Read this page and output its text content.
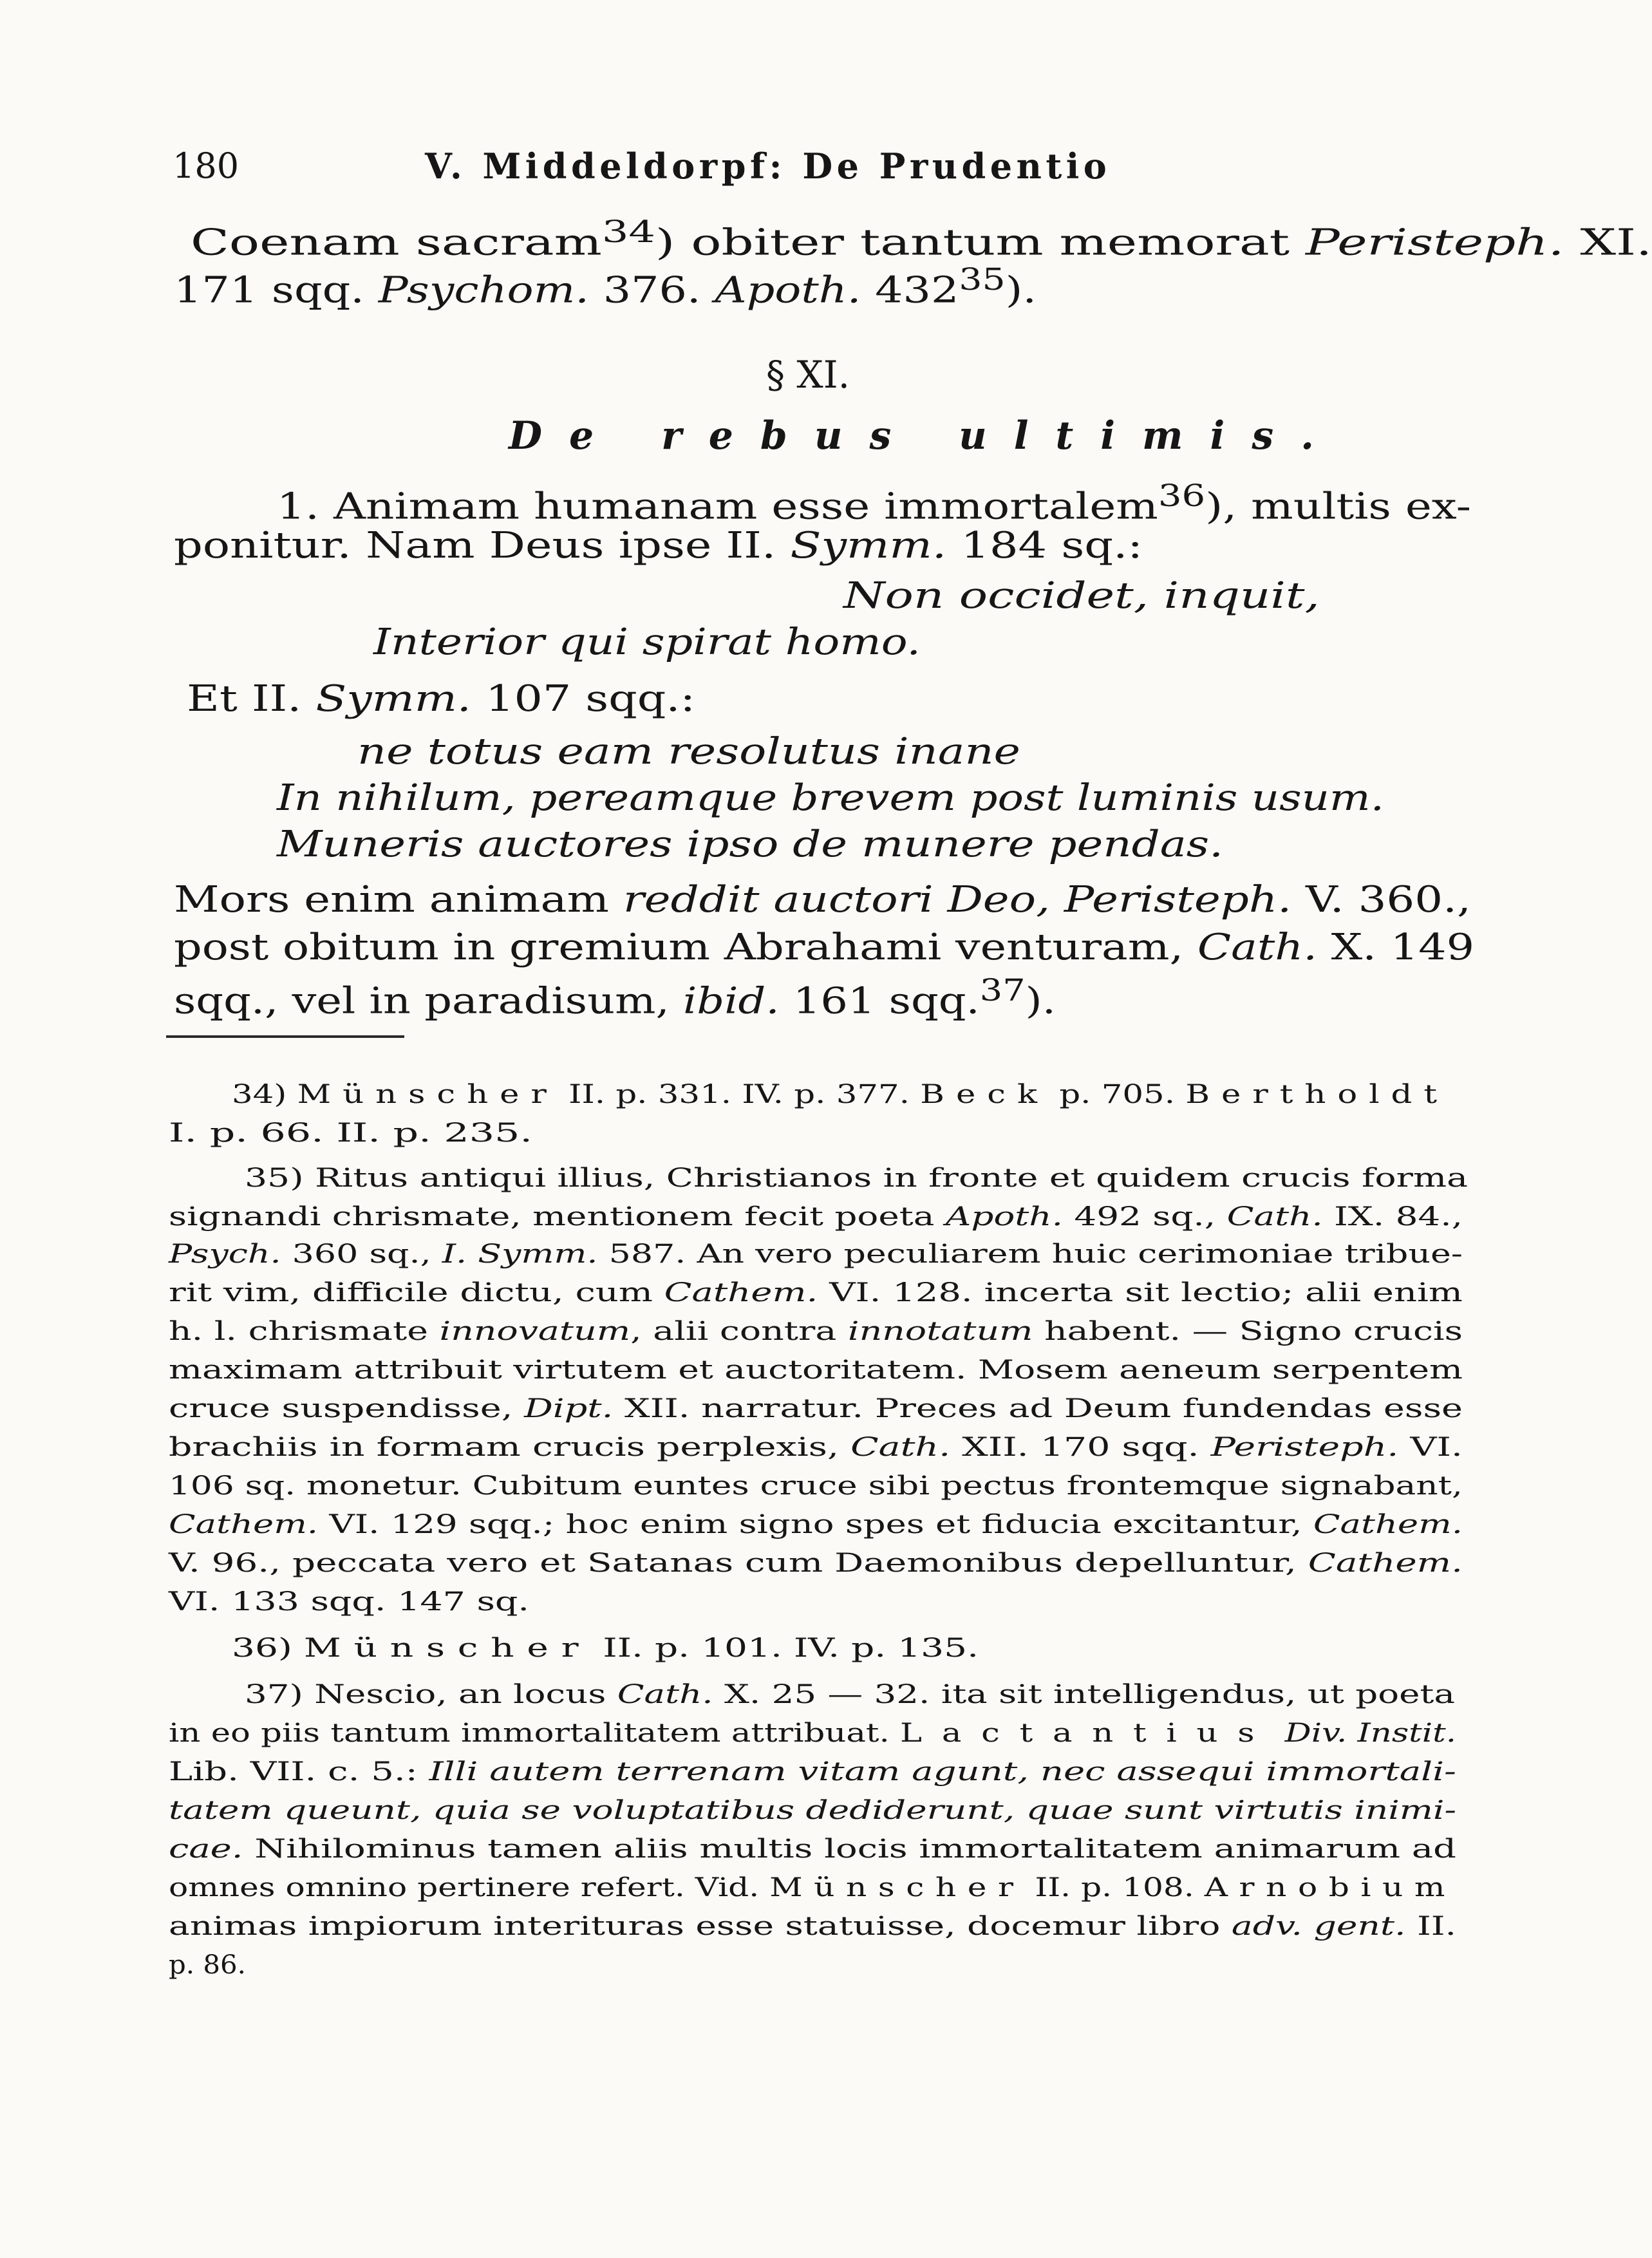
180	V. Middeldorpf: De Prudentio
Coenam sacram$^{34}$) obiter tantum memorat Peristeph. XI.
171 sqq. Psychom. 376. Apoth. $432^{35}$).
§ XI.
De rebus ultimis.
1. Animam humanam esse immortalem$^{36}$), multis ex-
ponitur. Nam Deus ipse II. Symm. 184 sq.:
Non occidet, inquit,
Interior qui spirat homo.
Et II. Symm. 107 sqq.:
ne totus eam resolutus inane
In nihilum, pereamque brevem post luminis usum.
Muneris auctores ipso de munere pendas.
Mors enim animam reddit auctori Deo, Peristeph. V. 360.,
post obitum in gremium Abrahami venturam, Cath. X. 149
sqq., vel in paradisum, ibid. 161 sqq.$^{37}$).
34) Münscher II. p. 331. IV. p. 377. Beck p. 705. Bertholdt
I. p. 66. II. p. 235.
35) Ritus antiqui illius, Christianos in fronte et quidem crucis forma
signandi chrismate, mentionem fecit poeta Apoth. 492 sq., Cath. IX. 84.,
Psych. 360 sq., I. Symm. 587. An vero peculiarem huic cerimoniae tribue-
rit vim, difficile dictu, cum Cathem. VI. 128. incerta sit lectio; alii enim
h. l. chrismate innovatum, alii contra innotatum habent. — Signo crucis
maximam attribuit virtutem et auctoritatem. Mosem aeneum serpentem
cruce suspendisse, Dipt. XII. narratur. Preces ad Deum fundendas esse
brachiis in formam crucis perplexis, Cath. XII. 170 sqq. Peristeph. VI.
106 sq. monetur. Cubitum euntes cruce sibi pectus frontemque signabant,
Cathem. VI. 129 sqq.; hoc enim signo spes et fiducia excitantur, Cathem.
V. 96., peccata vero et Satanas cum Daemonibus depelluntur, Cathem.
VI. 133 sqq. 147 sq.
36) Münscher II. p. 101. IV. p. 135.
37) Nescio, an locus Cath. X. 25 — 32. ita sit intelligendus, ut poeta
in eo piis tantum immortalitatem attribuat. Lactantius Div. Instit.
Lib. VII. c. 5.: Illi autem terrenam vitam agunt, nec assequi immortali-
tatem queunt, quia se voluptatibus dediderunt, quae sunt virtutis inimi-
cae. Nihilominus tamen aliis multis locis immortalitatem animarum ad
omnes omnino pertinere refert. Vid. Münscher II. p. 108. Arnobium
animas impiorum interituras esse statuisse, docemur libro adv. gent. II.
p. 86.
